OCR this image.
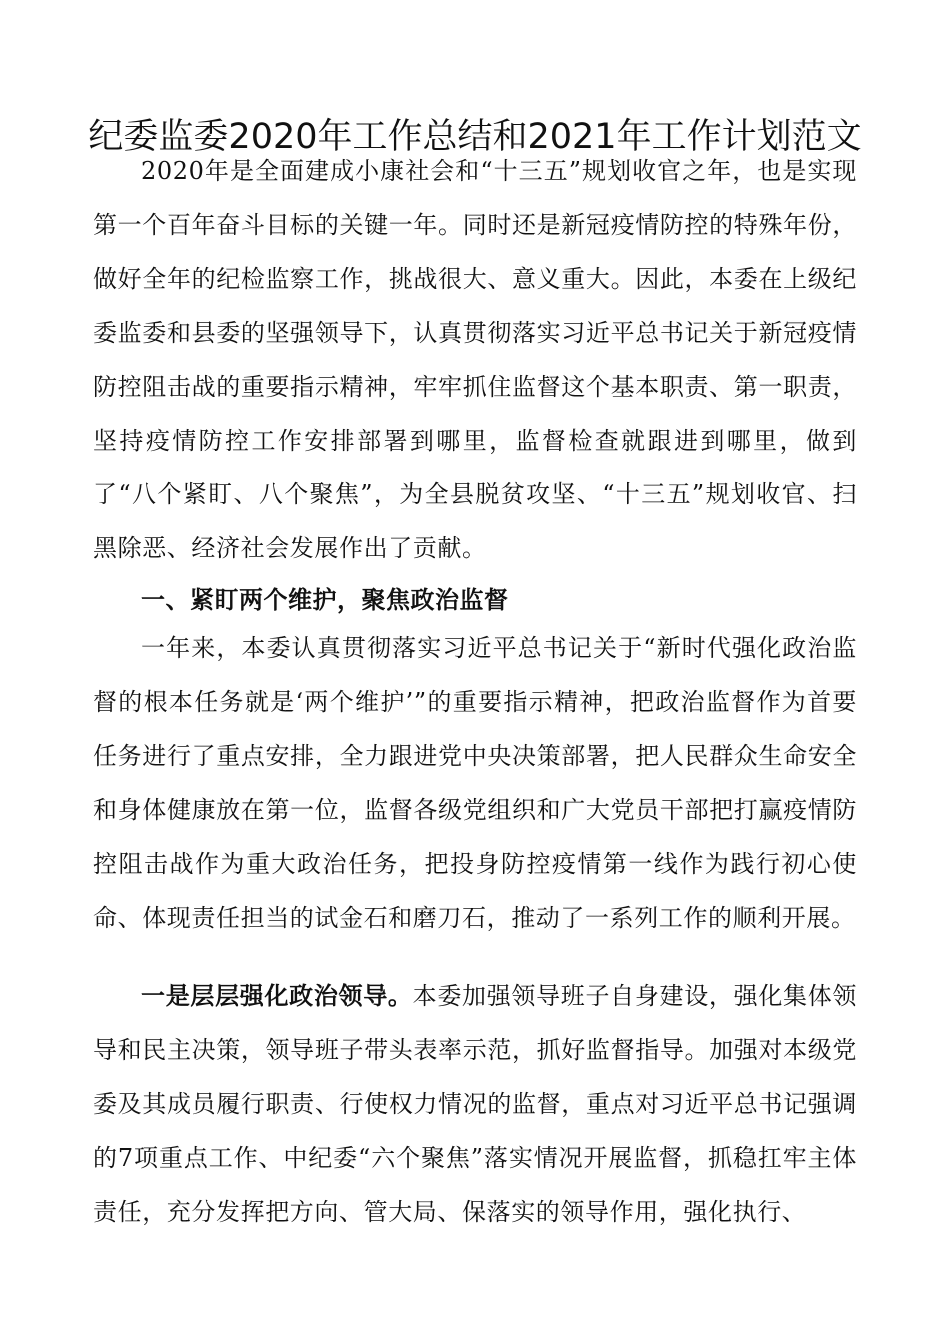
纪委监委2020年工作总结和2021年工作计划范文

2020年是全面建成小康社会和“十三五”规划收官之年，也是实现第一个百年奋斗目标的关键一年。同时还是新冠疫情防控的特殊年份，做好全年的纪检监察工作，挑战很大、意义重大。因此，本委在上级纪委监委和县委的坚强领导下，认真贯彻落实习近平总书记关于新冠疫情防控阻击战的重要指示精神，牢牢抓住监督这个基本职责、第一职责，坚持疫情防控工作安排部署到哪里，监督检查就跟进到哪里，做到了“八个紧盯、八个聚焦”，为全县脱贫攻坚、“十三五”规划收官、扫黑除恶、经济社会发展作出了贡献。

一、紧盯两个维护，聚焦政治监督

一年来，本委认真贯彻落实习近平总书记关于“新时代强化政治监督的根本任务就是‘两个维护’”的重要指示精神，把政治监督作为首要任务进行了重点安排，全力跟进党中央决策部署，把人民群众生命安全和身体健康放在第一位，监督各级党组织和广大党员干部把打赢疫情防控阻击战作为重大政治任务，把投身防控疫情第一线作为践行初心使命、体现责任担当的试金石和磨刀石，推动了一系列工作的顺利开展。

一是层层强化政治领导。本委加强领导班子自身建设，强化集体领导和民主决策，领导班子带头表率示范，抓好监督指导。加强对本级党委及其成员履行职责、行使权力情况的监督，重点对习近平总书记强调的7项重点工作、中纪委“六个聚焦”落实情况开展监督，抓稳扛牢主体责任，充分发挥把方向、管大局、保落实的领导作用，强化执行、
